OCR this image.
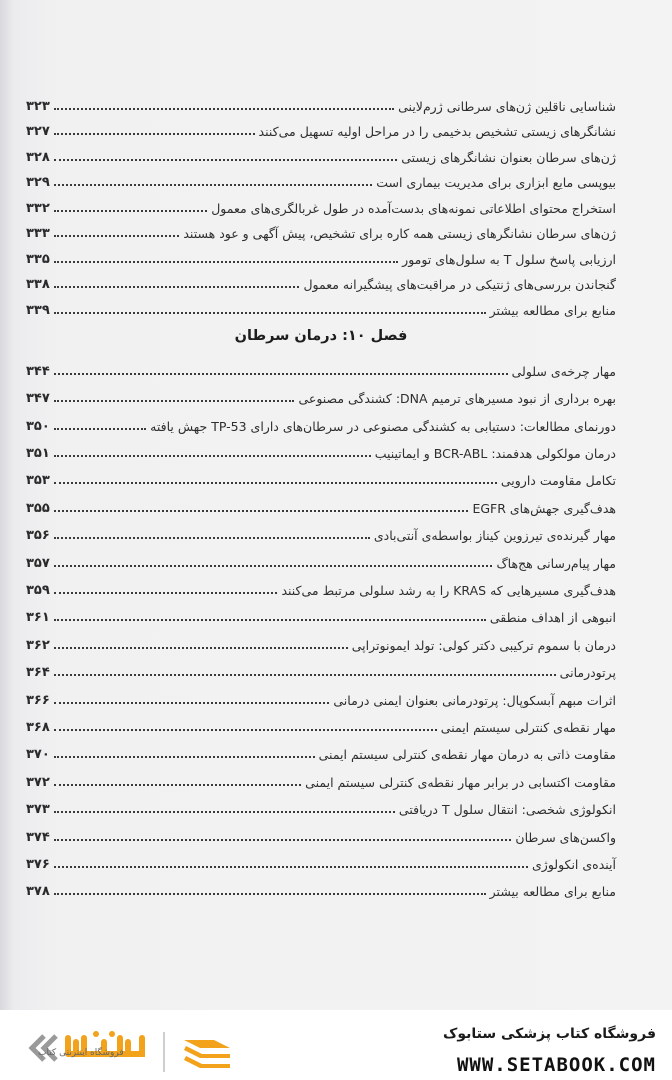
شناسایی ناقلین ژن‌های سرطانی ژرم‌لاینی
۳۲۳
نشانگرهای زیستی تشخیص بدخیمی را در مراحل اولیه تسهیل می‌کنند
۳۲۷
ژن‌های سرطان بعنوان نشانگرهای زیستی
۳۲۸
بیوپسی مایع ابزاری برای مدیریت بیماری است
۳۲۹
استخراج محتوای اطلاعاتی نمونه‌های بدست‌آمده در طول غربالگری‌های معمول
۳۳۲
ژن‌های سرطان نشانگرهای زیستی همه کاره برای تشخیص، پیش آگهی و عود هستند
۳۳۳
ارزیابی پاسخ سلول T به سلول‌های تومور
۳۳۵
گنجاندن بررسی‌های ژنتیکی در مراقبت‌های پیشگیرانه معمول
۳۳۸
منابع برای مطالعه بیشتر
۳۳۹
فصل ۱۰: درمان سرطان
مهار چرخه‌ی سلولی
۳۴۴
بهره برداری از نبود مسیرهای ترمیم DNA: کشندگی مصنوعی
۳۴۷
دورنمای مطالعات: دستیابی به کشندگی مصنوعی در سرطان‌های دارای TP-53 جهش یافته
۳۵۰
درمان مولکولی هدفمند: BCR-ABL و ایماتینیب
۳۵۱
تکامل مقاومت دارویی
۳۵۳
هدف‌گیری جهش‌های EGFR
۳۵۵
مهار گیرنده‌ی تیرزوین کیناز بواسطه‌ی آنتی‌بادی
۳۵۶
مهار پیام‌رسانی هج‌هاگ
۳۵۷
هدف‌گیری مسیرهایی که KRAS را به رشد سلولی مرتبط می‌کنند
۳۵۹
انبوهی از اهداف منطقی
۳۶۱
درمان با سموم ترکیبی دکتر کولی: تولد ایمونوتراپی
۳۶۲
پرتودرمانی
۳۶۴
اثرات مبهم آبسکوپال: پرتودرمانی بعنوان ایمنی درمانی
۳۶۶
مهار نقطه‌ی کنترلی سیستم ایمنی
۳۶۸
مقاومت ذاتی به درمان مهار نقطه‌ی کنترلی سیستم ایمنی
۳۷۰
مقاومت اکتسابی در برابر مهار نقطه‌ی کنترلی سیستم ایمنی
۳۷۲
انکولوژی شخصی: انتقال سلول T دریافتی
۳۷۳
واکسن‌های سرطان
۳۷۴
آینده‌ی انکولوژی
۳۷۶
منابع برای مطالعه بیشتر
۳۷۸
فروشگاه اینترنتی کتاب
فروشگاه کتاب پزشکی ستابوک
WWW.SETABOOK.COM
